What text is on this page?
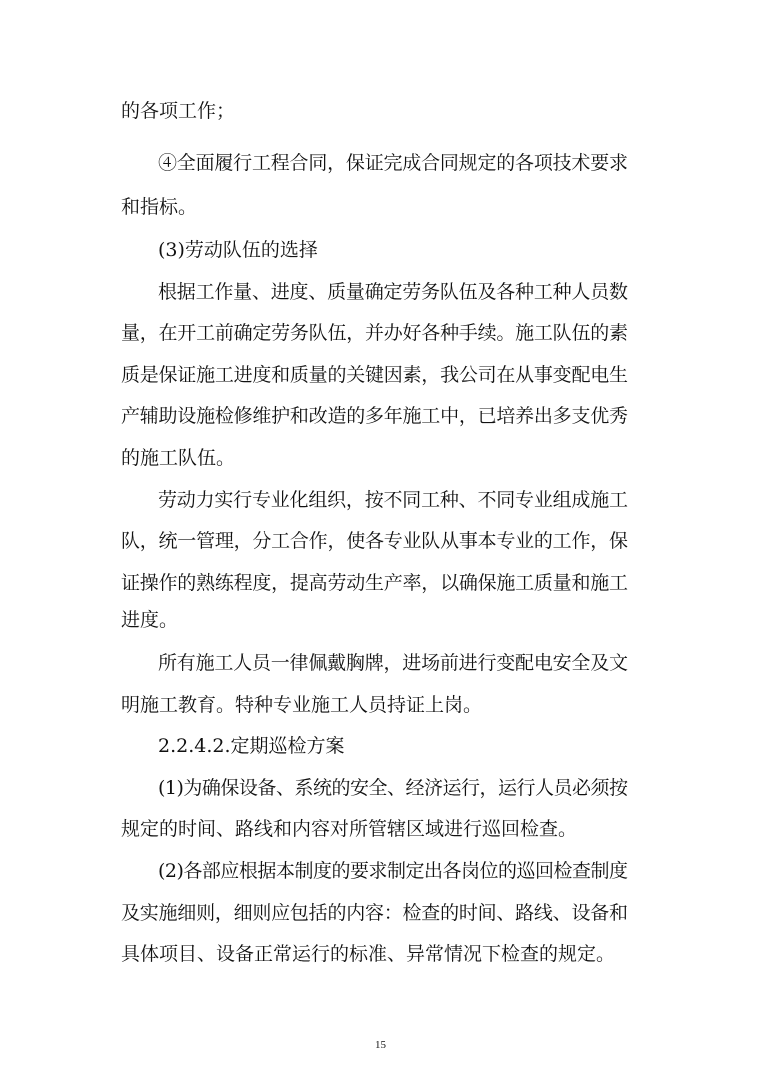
的各项工作；
④全面履行工程合同，保证完成合同规定的各项技术要求
和指标。
(3)劳动队伍的选择
根据工作量、进度、质量确定劳务队伍及各种工种人员数
量，在开工前确定劳务队伍，并办好各种手续。施工队伍的素
质是保证施工进度和质量的关键因素，我公司在从事变配电生
产辅助设施检修维护和改造的多年施工中，已培养出多支优秀
的施工队伍。
劳动力实行专业化组织，按不同工种、不同专业组成施工
队，统一管理，分工合作，使各专业队从事本专业的工作，保
证操作的熟练程度，提高劳动生产率，以确保施工质量和施工
进度。
所有施工人员一律佩戴胸牌，进场前进行变配电安全及文
明施工教育。特种专业施工人员持证上岗。
2.2.4.2.定期巡检方案
(1)为确保设备、系统的安全、经济运行，运行人员必须按
规定的时间、路线和内容对所管辖区域进行巡回检查。
(2)各部应根据本制度的要求制定出各岗位的巡回检查制度
及实施细则，细则应包括的内容：检查的时间、路线、设备和
具体项目、设备正常运行的标准、异常情况下检查的规定。
15
